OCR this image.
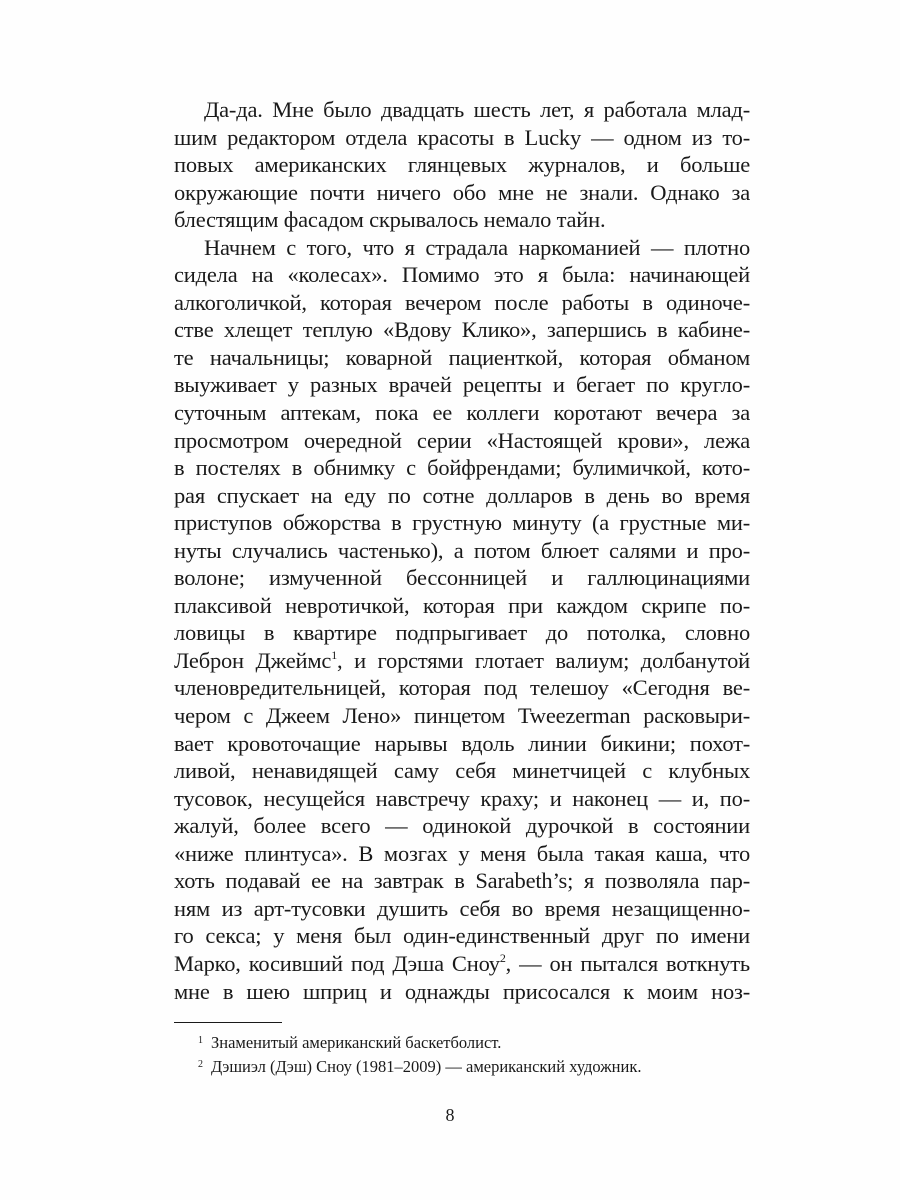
Да-да. Мне было двадцать шесть лет, я работала млад-
шим редактором отдела красоты в Lucky — одном из то-
повых американских глянцевых журналов, и больше
окружающие почти ничего обо мне не знали. Однако за
блестящим фасадом скрывалось немало тайн.
Начнем с того, что я страдала наркоманией — плотно
сидела на «колесах». Помимо это я была: начинающей
алкоголичкой, которая вечером после работы в одиноче-
стве хлещет теплую «Вдову Клико», запершись в кабине-
те начальницы; коварной пациенткой, которая обманом
выуживает у разных врачей рецепты и бегает по кругло-
суточным аптекам, пока ее коллеги коротают вечера за
просмотром очередной серии «Настоящей крови», лежа
в постелях в обнимку с бойфрендами; булимичкой, кото-
рая спускает на еду по сотне долларов в день во время
приступов обжорства в грустную минуту (а грустные ми-
нуты случались частенько), а потом блюет салями и про-
волоне; измученной бессонницей и галлюцинациями
плаксивой невротичкой, которая при каждом скрипе по-
ловицы в квартире подпрыгивает до потолка, словно
Леброн Джеймс$^1$, и горстями глотает валиум; долбанутой
членовредительницей, которая под телешоу «Сегодня ве-
чером с Джеем Лено» пинцетом Tweezerman расковыри-
вает кровоточащие нарывы вдоль линии бикини; похот-
ливой, ненавидящей саму себя минетчицей с клубных
тусовок, несущейся навстречу краху; и наконец — и, по-
жалуй, более всего — одинокой дурочкой в состоянии
«ниже плинтуса». В мозгах у меня была такая каша, что
хоть подавай ее на завтрак в Sarabeth’s; я позволяла пар-
ням из арт-тусовки душить себя во время незащищенно-
го секса; у меня был один-единственный друг по имени
Марко, косивший под Дэша Сноу$^2$, — он пытался воткнуть
мне в шею шприц и однажды присосался к моим ноз-
$^1$ Знаменитый американский баскетболист.
$^2$ Дэшиэл (Дэш) Сноу (1981–2009) — американский художник.
8
